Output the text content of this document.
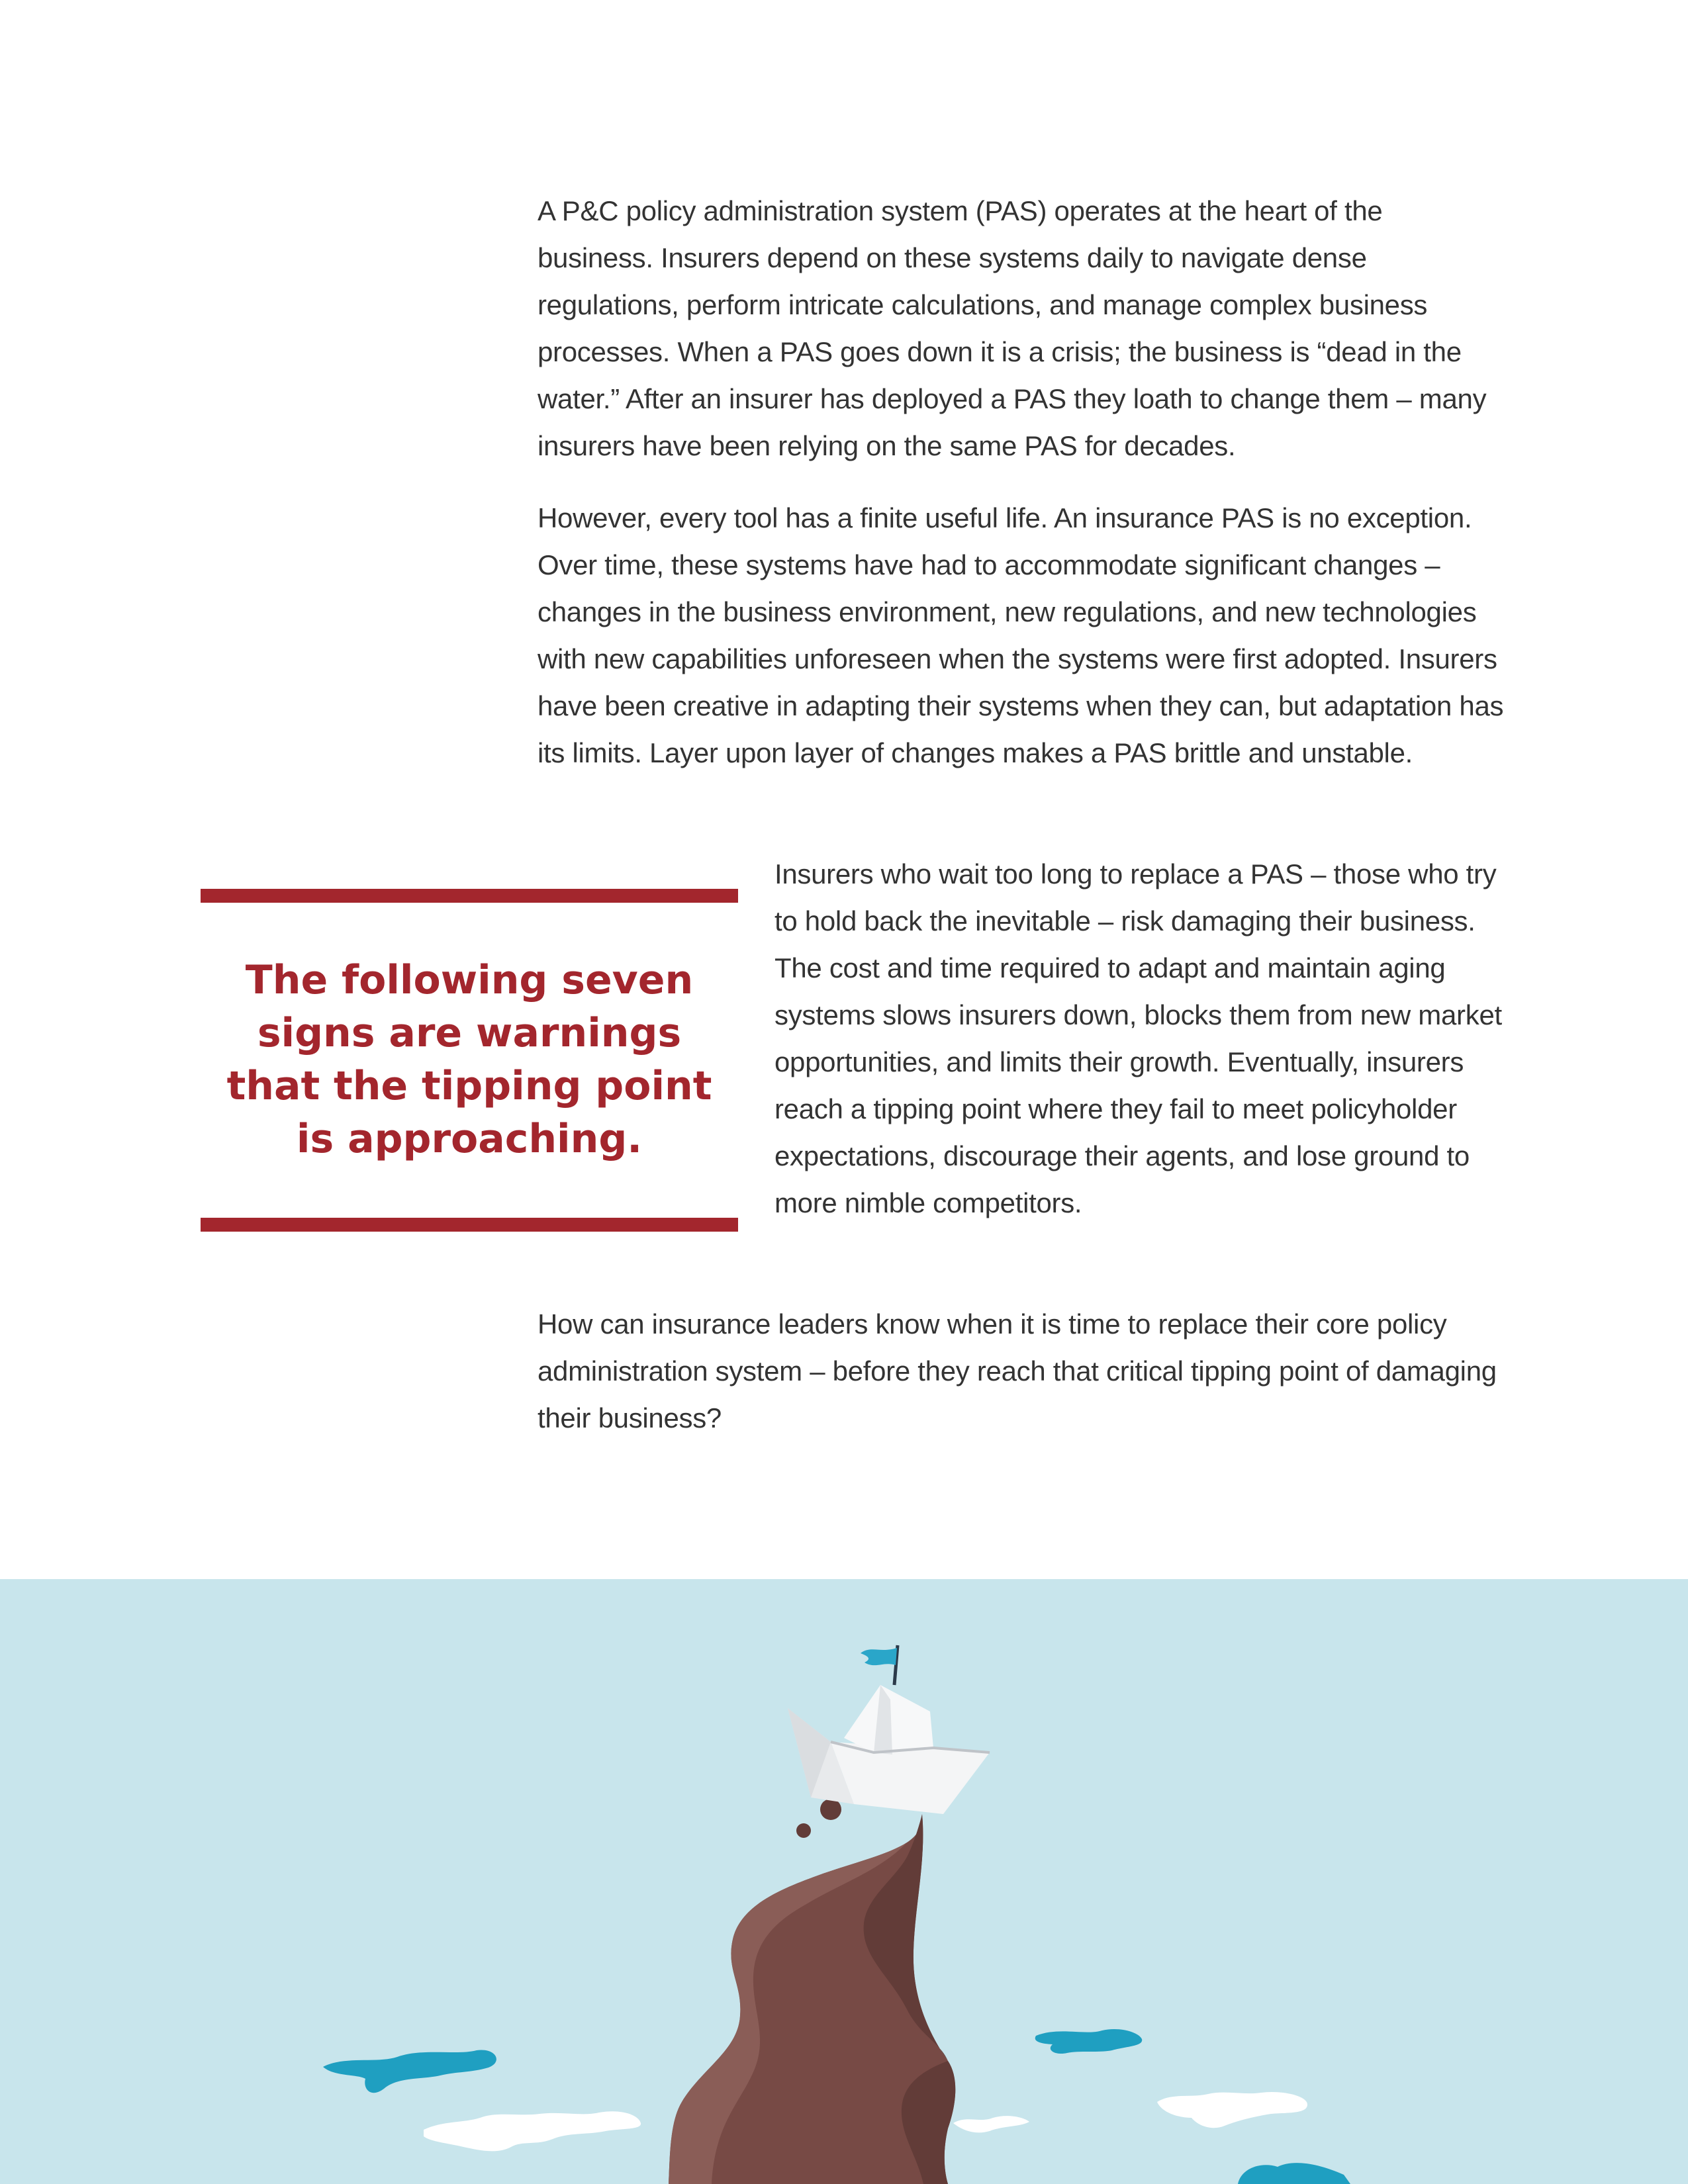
A P&C policy administration system (PAS) operates at the heart of the business. Insurers depend on these systems daily to navigate dense regulations, perform intricate calculations, and manage complex business processes. When a PAS goes down it is a crisis; the business is “dead in the water.” After an insurer has deployed a PAS they loath to change them – many insurers have been relying on the same PAS for decades.

However, every tool has a finite useful life. An insurance PAS is no exception. Over time, these systems have had to accommodate significant changes – changes in the business environment, new regulations, and new technologies with new capabilities unforeseen when the systems were first adopted. Insurers have been creative in adapting their systems when they can, but adaptation has its limits. Layer upon layer of changes makes a PAS brittle and unstable.

The following seven
signs are warnings
that the tipping point
is approaching.

Insurers who wait too long to replace a PAS – those who try to hold back the inevitable – risk damaging their business. The cost and time required to adapt and maintain aging systems slows insurers down, blocks them from new market opportunities, and limits their growth. Eventually, insurers reach a tipping point where they fail to meet policyholder expectations, discourage their agents, and lose ground to more nimble competitors.

How can insurance leaders know when it is time to replace their core policy administration system – before they reach that critical tipping point of damaging their business?
